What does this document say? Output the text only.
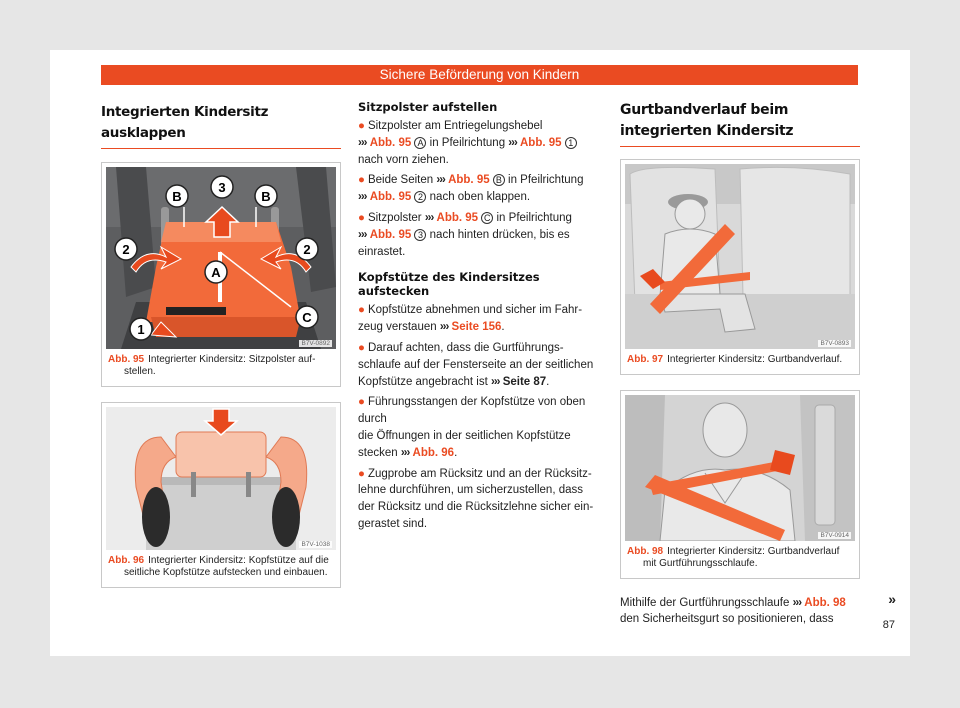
Sichere Beförderung von Kindern
Integrierten Kindersitz ausklappen
3
B	B
2	2
A
1
C
B7V-0892
Abb. 95 Integrierter Kindersitz: Sitzpolster aufstellen.
B7V-1038
Abb. 96 Integrierter Kindersitz: Kopfstütze auf die seitliche Kopfstütze aufstecken und einbauen.
Sitzpolster aufstellen

● Sitzpolster am Entriegelungshebel
››› Abb. 95 A in Pfeilrichtung ››› Abb. 95 1
nach vorn ziehen.

● Beide Seiten ››› Abb. 95 B in Pfeilrichtung
››› Abb. 95 2 nach oben klappen.

● Sitzpolster ››› Abb. 95 C in Pfeilrichtung
››› Abb. 95 3 nach hinten drücken, bis es einrastet.

Kopfstütze des Kindersitzes aufstecken

● Kopfstütze abnehmen und sicher im Fahrzeug verstauen ››› Seite 156.

● Darauf achten, dass die Gurtführungsschlaufe auf der Fensterseite an der seitlichen Kopfstütze angebracht ist ››› Seite 87.

● Führungsstangen der Kopfstütze von oben durch
die Öffnungen in der seitlichen Kopfstütze stecken ››› Abb. 96.

● Zugprobe am Rücksitz und an der Rücksitzlehne durchführen, um sicherzustellen, dass der Rücksitz und die Rücksitzlehne sicher eingerastet sind.

Gurtbandverlauf beim integrierten Kindersitz
B7V-0893
Abb. 97 Integrierter Kindersitz: Gurtbandverlauf.
B7V-0914
Abb. 98 Integrierter Kindersitz: Gurtbandverlauf mit Gurtführungsschlaufe.

Mithilfe der Gurtführungsschlaufe ››› Abb. 98
den Sicherheitsgurt so positionieren, dass

»
87
